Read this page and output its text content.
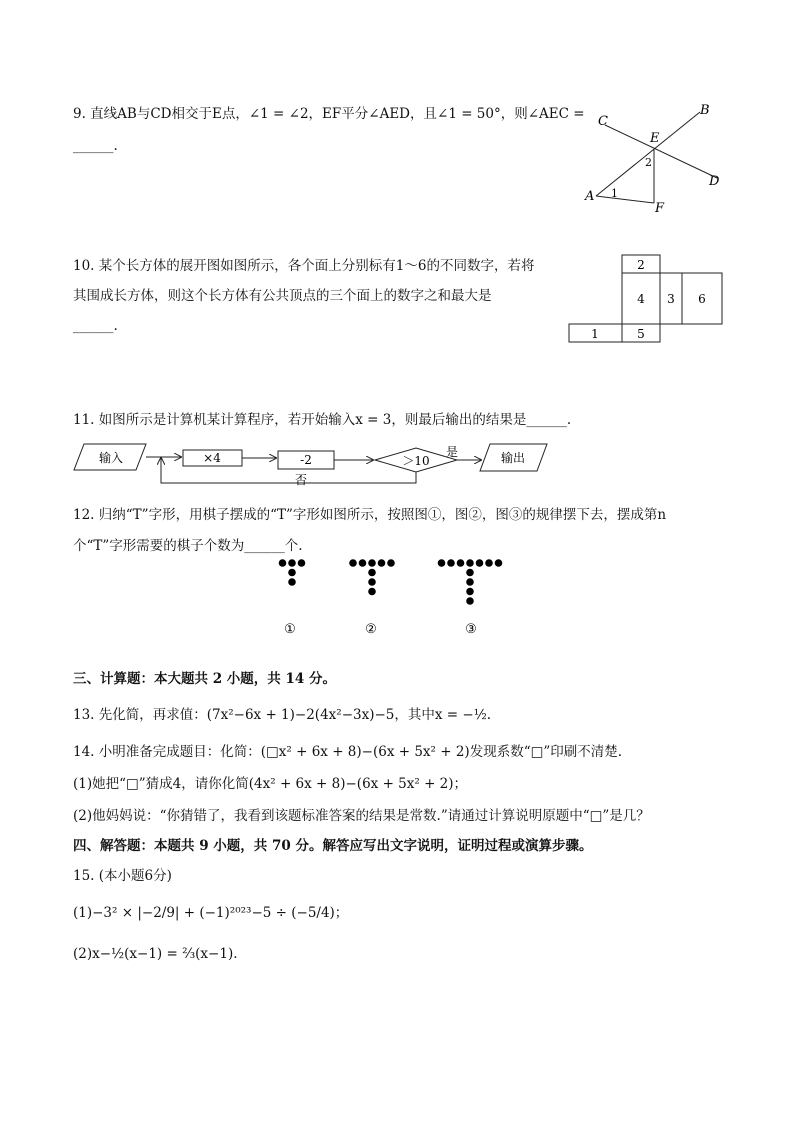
9. 直线AB与CD相交于E点，∠1 = ∠2，EF平分∠AED，且∠1 = 50°，则∠AEC =
______.
C
B
E
D
A
F
1
2
10. 某个长方体的展开图如图所示，各个面上分别标有1～6的不同数字，若将
其围成长方体，则这个长方体有公共顶点的三个面上的数字之和最大是
______.
2
4 3 6
1	5
11. 如图所示是计算机某计算程序，若开始输入x = 3，则最后输出的结果是______.
输入	×4	-2	＞10
是
否
输出
12. 归纳“T”字形，用棋子摆成的“T”字形如图所示，按照图①，图②，图③的规律摆下去，摆成第n
个“T”字形需要的棋子个数为______个.
①	②	③
三、计算题：本大题共 2 小题，共 14 分。
13. 先化简，再求值：(7x²−6x + 1)−2(4x²−3x)−5，其中x = −½.
14. 小明准备完成题目：化简：(□x² + 6x + 8)−(6x + 5x² + 2)发现系数“□”印刷不清楚.
(1)她把“□”猜成4，请你化简(4x² + 6x + 8)−(6x + 5x² + 2)；
(2)他妈妈说：“你猜错了，我看到该题标准答案的结果是常数.”请通过计算说明原题中“□”是几？
四、解答题：本题共 9 小题，共 70 分。解答应写出文字说明，证明过程或演算步骤。
15. (本小题6分)
(1)−3² × |−2/9| + (−1)²⁰²³−5 ÷ (−5/4)；
(2)x−½(x−1) = ⅔(x−1).
